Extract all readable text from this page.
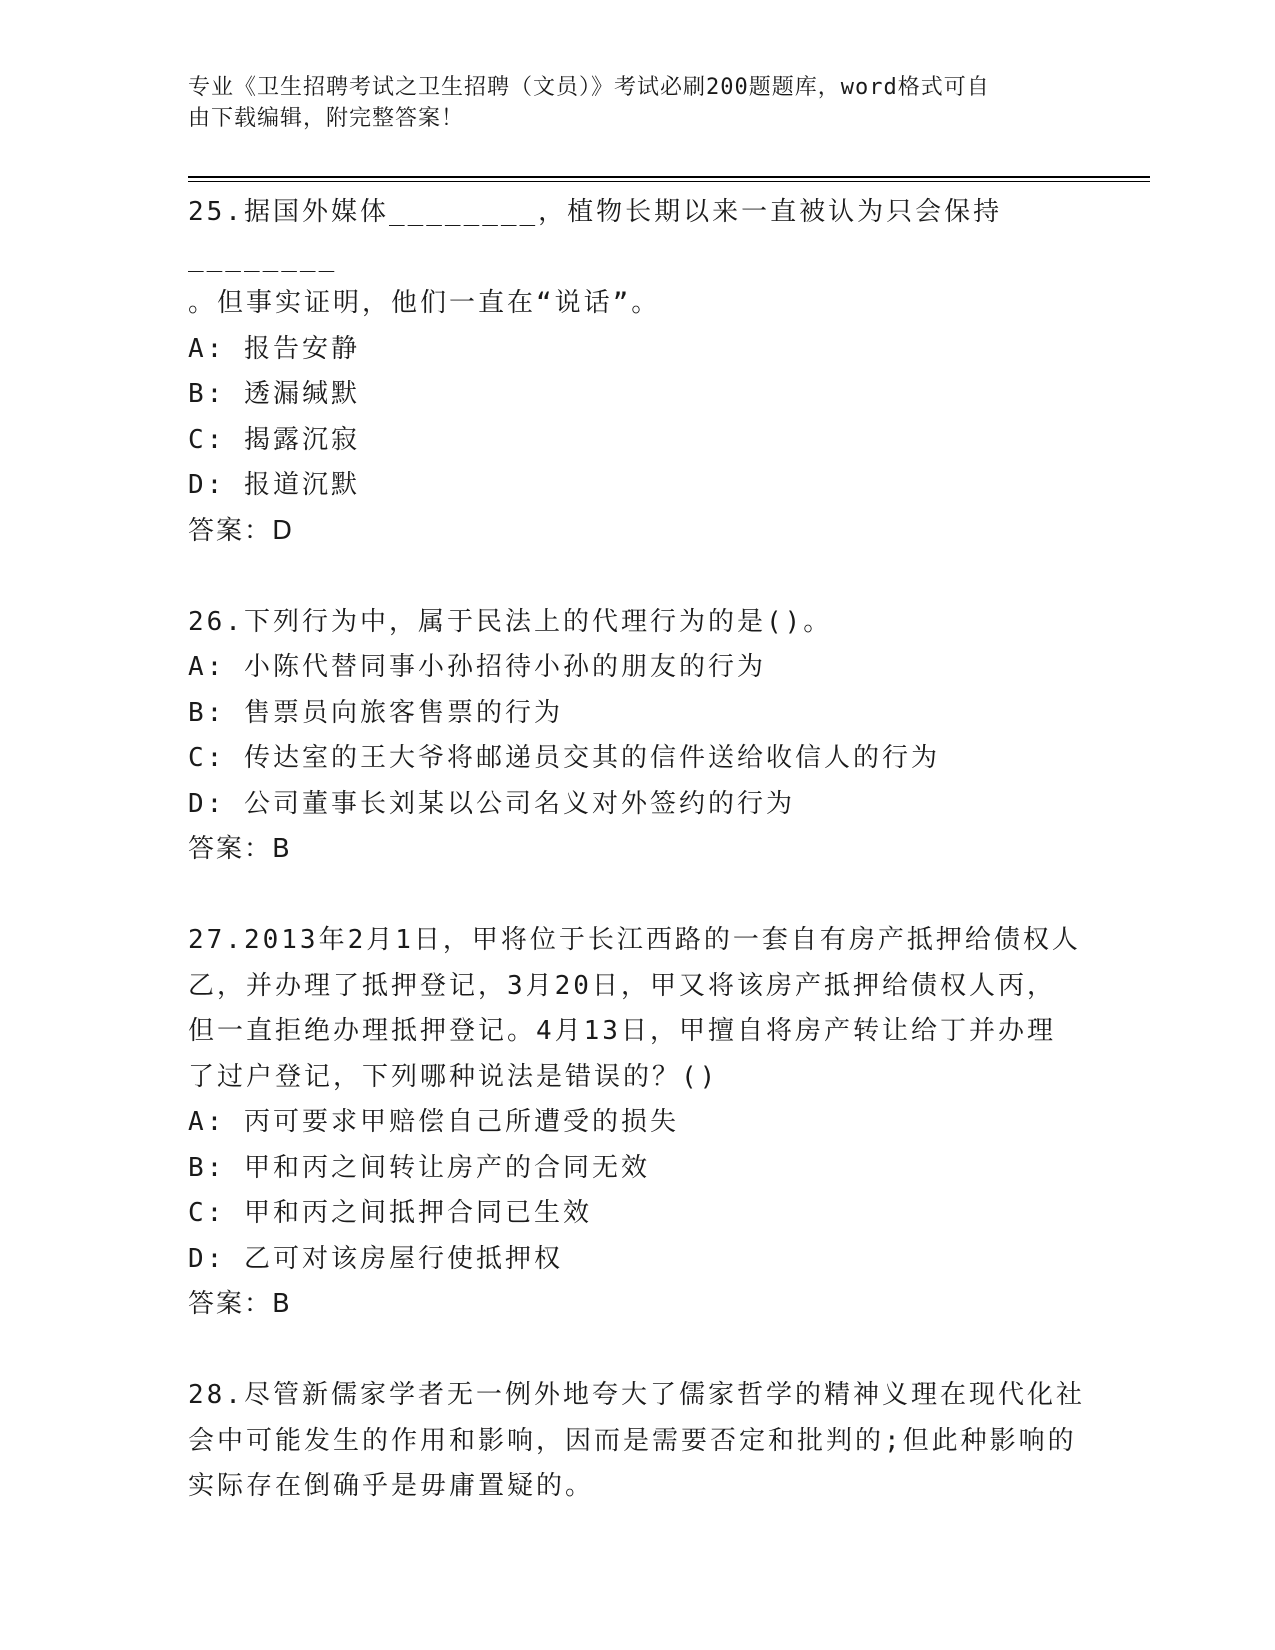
专业《卫生招聘考试之卫生招聘（文员）》考试必刷200题题库，word格式可自
由下载编辑，附完整答案！
25.据国外媒体________，植物长期以来一直被认为只会保持________
。但事实证明，他们一直在“说话”。
A: 报告安静
B: 透漏缄默
C: 揭露沉寂
D: 报道沉默
答案：D
26.下列行为中，属于民法上的代理行为的是()。
A: 小陈代替同事小孙招待小孙的朋友的行为
B: 售票员向旅客售票的行为
C: 传达室的王大爷将邮递员交其的信件送给收信人的行为
D: 公司董事长刘某以公司名义对外签约的行为
答案：B
27.2013年2月1日，甲将位于长江西路的一套自有房产抵押给债权人
乙，并办理了抵押登记，3月20日，甲又将该房产抵押给债权人丙，
但一直拒绝办理抵押登记。4月13日，甲擅自将房产转让给丁并办理
了过户登记，下列哪种说法是错误的？()
A: 丙可要求甲赔偿自己所遭受的损失
B: 甲和丙之间转让房产的合同无效
C: 甲和丙之间抵押合同已生效
D: 乙可对该房屋行使抵押权
答案：B
28.尽管新儒家学者无一例外地夸大了儒家哲学的精神义理在现代化社
会中可能发生的作用和影响，因而是需要否定和批判的;但此种影响的
实际存在倒确乎是毋庸置疑的。
